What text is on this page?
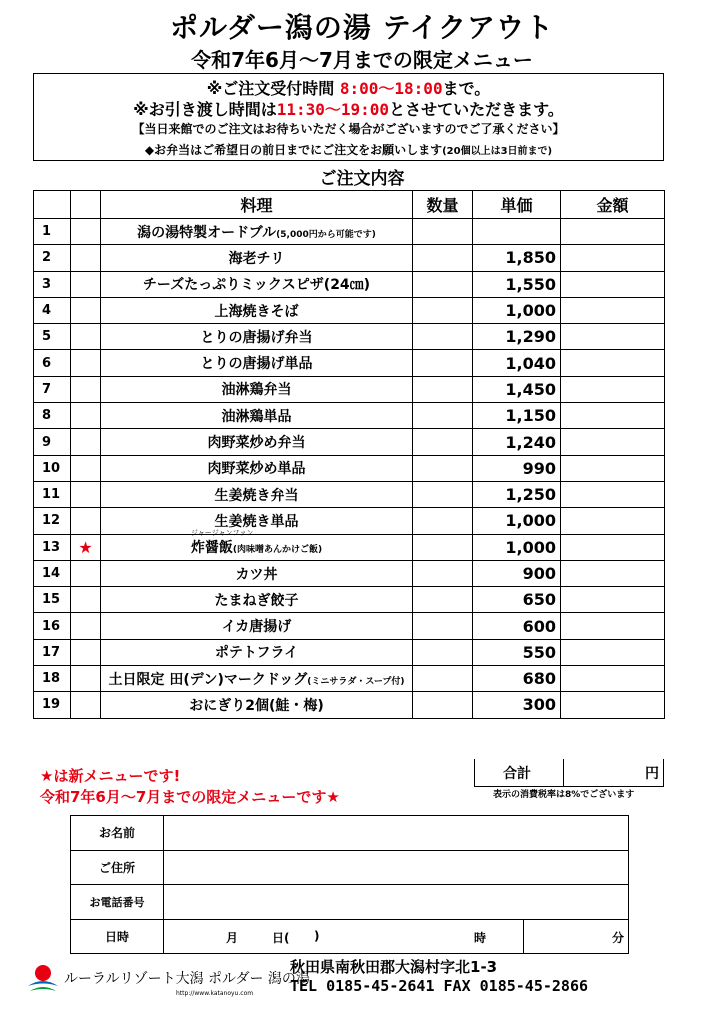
ポルダー潟の湯 テイクアウト
令和7年6月～7月までの限定メニュー
※ご注文受付時間 8:00～18:00まで。
※お引き渡し時間は11:30～19:00とさせていただきます。
【当日来館でのご注文はお待ちいただく場合がございますのでご了承ください】
◆お弁当はご希望日の前日までにご注文をお願いします(20個以上は3日前まで)
ご注文内容
		料理	数量	単価	金額
1		潟の湯特製オードブル(5,000円から可能です)			
2		海老チリ		1,850	
3		チーズたっぷりミックスピザ(24㎝)		1,550	
4		上海焼きそば		1,000	
5		とりの唐揚げ弁当		1,290	
6		とりの唐揚げ単品		1,040	
7		油淋鶏弁当		1,450	
8		油淋鶏単品		1,150	
9		肉野菜炒め弁当		1,240	
10		肉野菜炒め単品		990	
11		生姜焼き弁当		1,250	
12		生姜焼き単品		1,000	
13	★	炸醤飯
ジャージャンファン
(肉味噌あんかけご飯)		1,000	
14		カツ丼		900	
15		たまねぎ餃子		650	
16		イカ唐揚げ		600	
17		ポテトフライ		550	
18		土日限定 田(デン)マークドッグ(ミニサラダ・スープ付)		680	
19		おにぎり2個(鮭・梅)		300	
合計	円
★は新メニューです!
令和7年6月～7月までの限定メニューです★	表示の消費税率は8%でございます
お名前		
ご住所		
お電話番号		
日時	月 日( ) 時	分
ルーラルリゾート大潟 ポルダー 潟の湯
http://www.katanoyu.com
秋田県南秋田郡大潟村字北1-3
TEL 0185-45-2641 FAX 0185-45-2866
